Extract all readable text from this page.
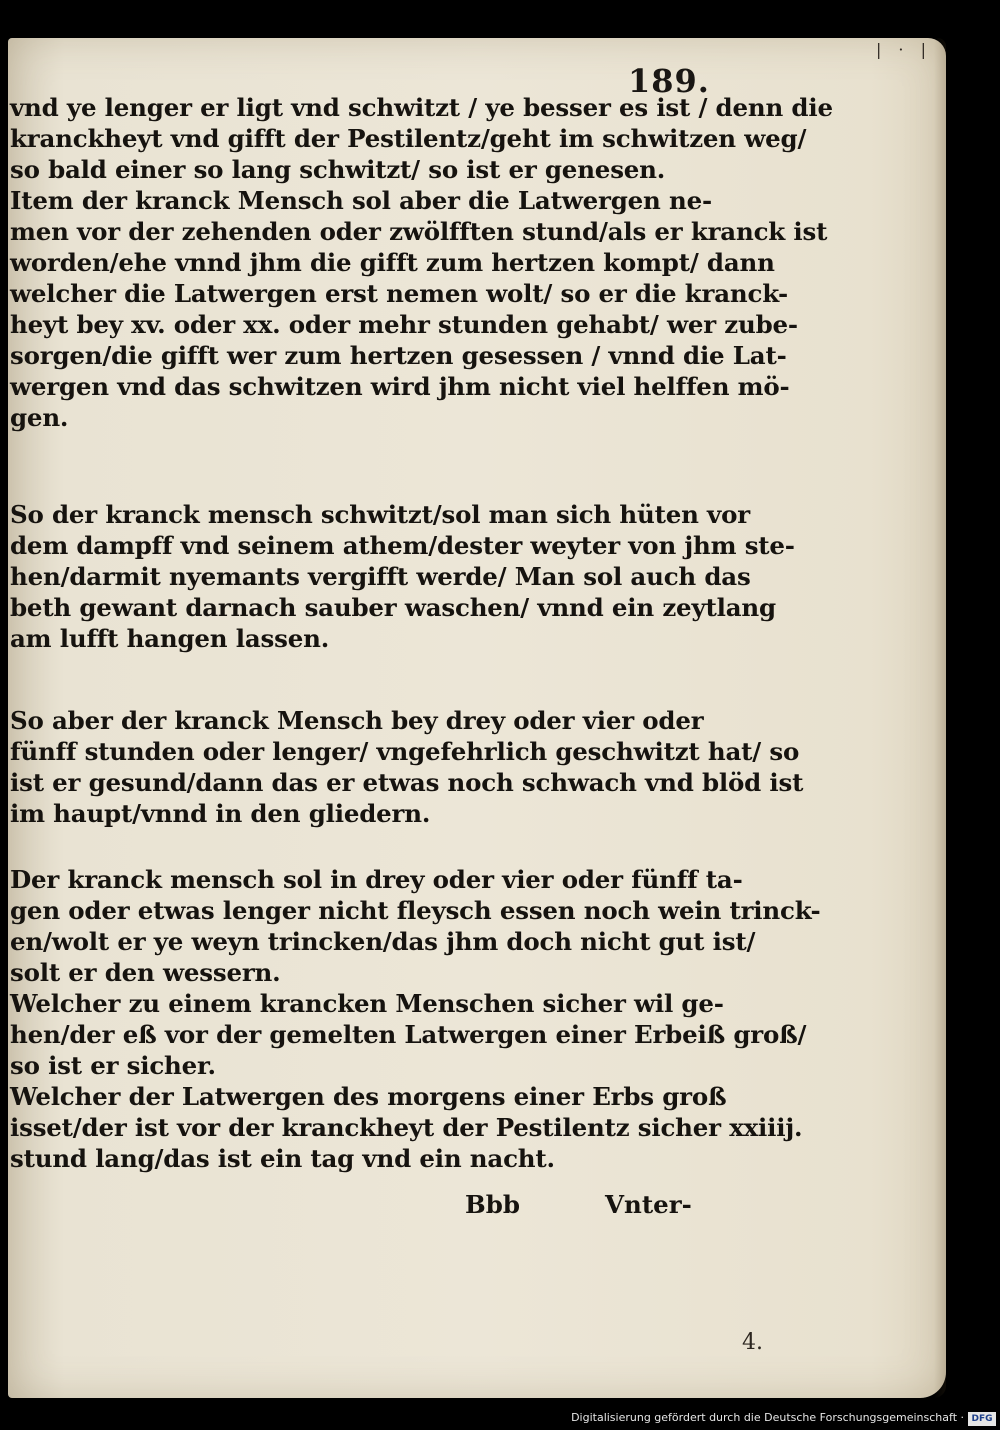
| · |
189.
vnd ye lenger er ligt vnd schwitzt / ye besser es ist / denn die
kranckheyt vnd gifft der Pestilentz/geht im schwitzen weg/
so bald einer so lang schwitzt/ so ist er genesen.
Item der kranck Mensch sol aber die Latwergen ne-
men vor der zehenden oder zwölfften stund/als er kranck ist
worden/ehe vnnd jhm die gifft zum hertzen kompt/ dann
welcher die Latwergen erst nemen wolt/ so er die kranck-
heyt bey xv. oder xx. oder mehr stunden gehabt/ wer zube-
sorgen/die gifft wer zum hertzen gesessen / vnnd die Lat-
wergen vnd das schwitzen wird jhm nicht viel helffen mö-
gen.
So der kranck mensch schwitzt/sol man sich hüten vor
dem dampff vnd seinem athem/dester weyter von jhm ste-
hen/darmit nyemants vergifft werde/ Man sol auch das
beth gewant darnach sauber waschen/ vnnd ein zeytlang
am lufft hangen lassen.
So aber der kranck Mensch bey drey oder vier oder
fünff stunden oder lenger/ vngefehrlich geschwitzt hat/ so
ist er gesund/dann das er etwas noch schwach vnd blöd ist
im haupt/vnnd in den gliedern.
Der kranck mensch sol in drey oder vier oder fünff ta-
gen oder etwas lenger nicht fleysch essen noch wein trinck-
en/wolt er ye weyn trincken/das jhm doch nicht gut ist/
solt er den wessern.
Welcher zu einem krancken Menschen sicher wil ge-
hen/der eß vor der gemelten Latwergen einer Erbeiß groß/
so ist er sicher.
Welcher der Latwergen des morgens einer Erbs groß
isset/der ist vor der kranckheyt der Pestilentz sicher xxiiij.
stund lang/das ist ein tag vnd ein nacht.
Bbb	Vnter-
4.
Digitalisierung gefördert durch die Deutsche Forschungsgemeinschaft · DFG
